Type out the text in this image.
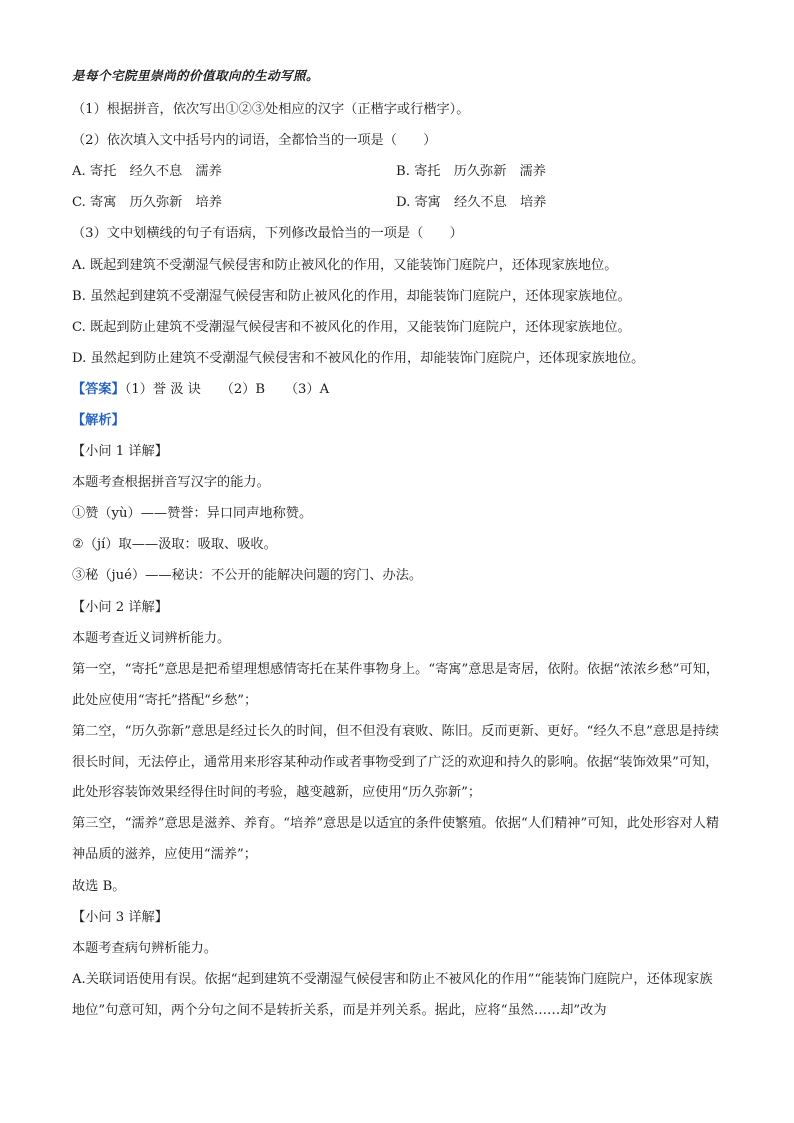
是每个宅院里崇尚的价值取向的生动写照。
（1）根据拼音，依次写出①②③处相应的汉字（正楷字或行楷字）。
（2）依次填入文中括号内的词语，全都恰当的一项是（　　）
A. 寄托　经久不息　濡养	B. 寄托　历久弥新　濡养
C. 寄寓　历久弥新　培养	D. 寄寓　经久不息　培养
（3）文中划横线的句子有语病，下列修改最恰当的一项是（　　）
A. 既起到建筑不受潮湿气候侵害和防止被风化的作用，又能装饰门庭院户，还体现家族地位。
B. 虽然起到建筑不受潮湿气候侵害和防止被风化的作用，却能装饰门庭院户，还体现家族地位。
C. 既起到防止建筑不受潮湿气候侵害和不被风化的作用，又能装饰门庭院户，还体现家族地位。
D. 虽然起到防止建筑不受潮湿气候侵害和不被风化的作用，却能装饰门庭院户，还体现家族地位。
【答案】（1）誉 汲 诀　　（2）B　　（3）A
【解析】
【小问 1 详解】
本题考查根据拼音写汉字的能力。
①赞（yù）——赞誉：异口同声地称赞。
②（jí）取——汲取：吸取、吸收。
③秘（jué）——秘诀：不公开的能解决问题的窍门、办法。
【小问 2 详解】
本题考查近义词辨析能力。
第一空，“寄托”意思是把希望理想感情寄托在某件事物身上。“寄寓”意思是寄居，依附。依据“浓浓乡愁”可知，此处应使用“寄托”搭配“乡愁”；
第二空，“历久弥新”意思是经过长久的时间，但不但没有衰败、陈旧。反而更新、更好。“经久不息”意思是持续很长时间，无法停止，通常用来形容某种动作或者事物受到了广泛的欢迎和持久的影响。依据“装饰效果”可知，此处形容装饰效果经得住时间的考验，越变越新，应使用“历久弥新”；
第三空，“濡养”意思是滋养、养育。“培养”意思是以适宜的条件使繁殖。依据“人们精神”可知，此处形容对人精神品质的滋养，应使用“濡养”；
故选 B。
【小问 3 详解】
本题考查病句辨析能力。
A.关联词语使用有误。依据“起到建筑不受潮湿气候侵害和防止不被风化的作用”“能装饰门庭院户，还体现家族地位”句意可知，两个分句之间不是转折关系，而是并列关系。据此，应将“虽然……却”改为
